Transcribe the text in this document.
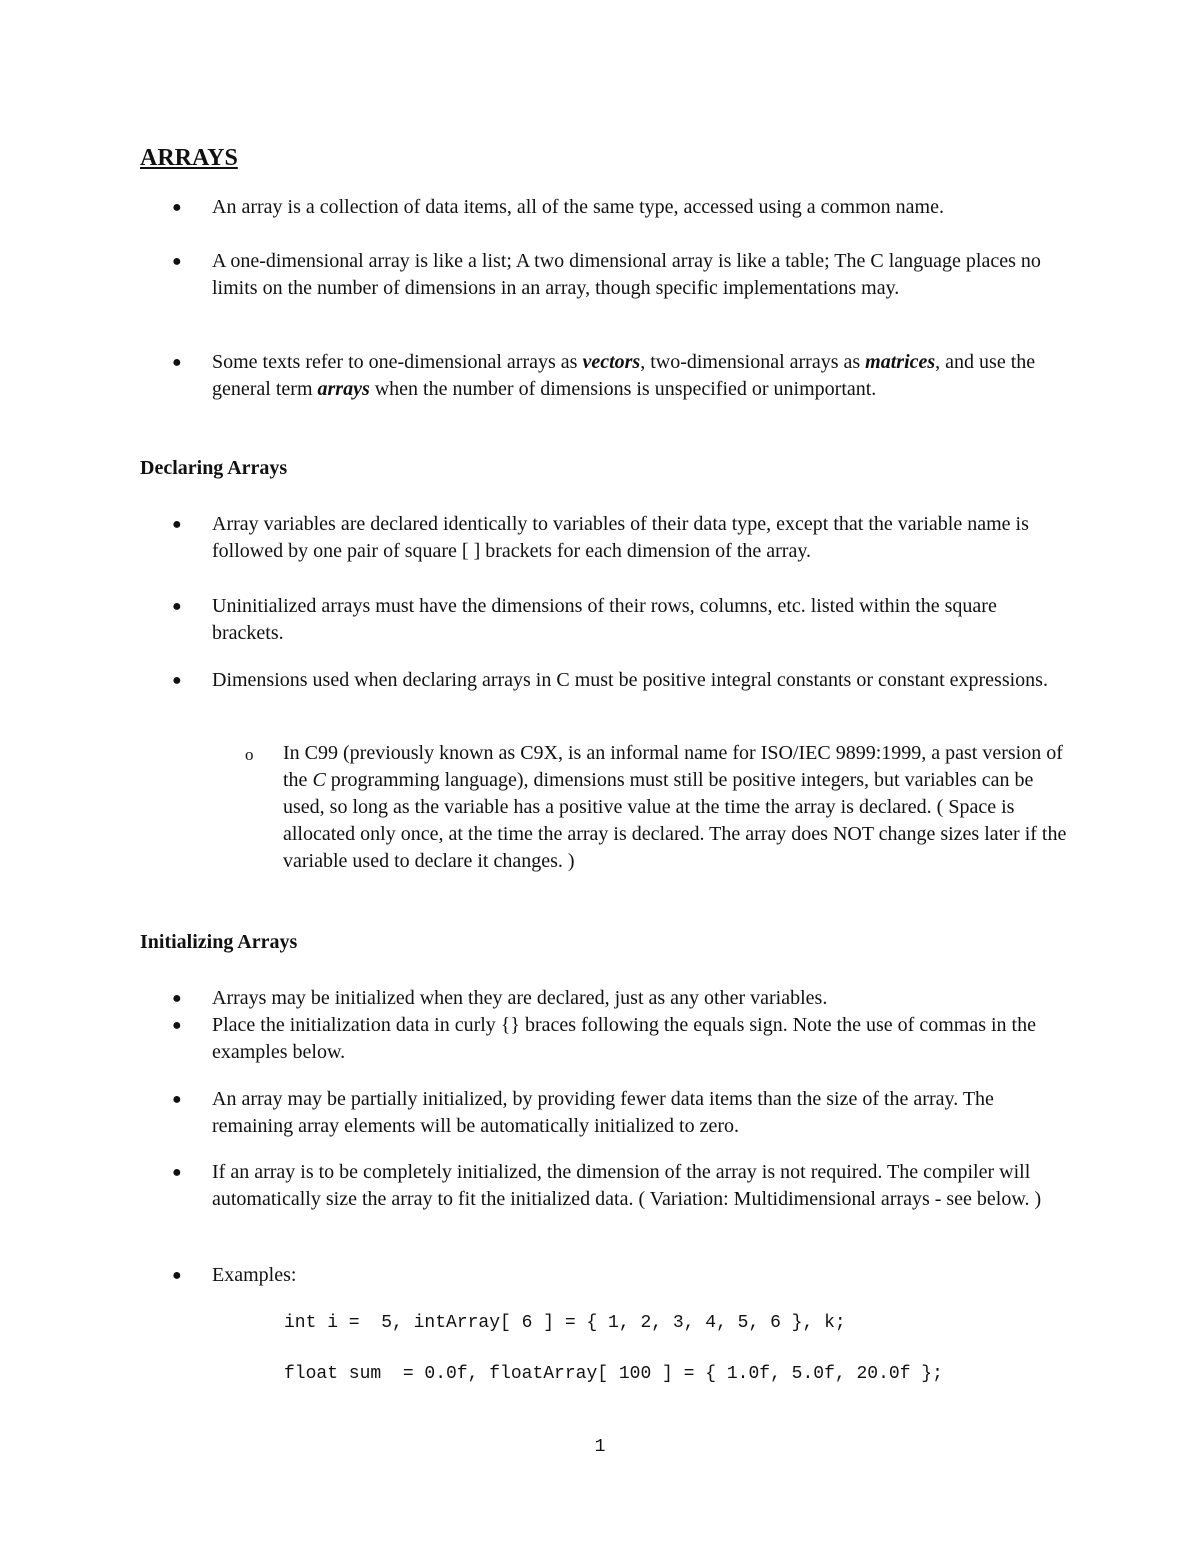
ARRAYS
● An array is a collection of data items, all of the same type, accessed using a common name.
● A one-dimensional array is like a list; A two dimensional array is like a table; The C language places no limits on the number of dimensions in an array, though specific implementations may.
● Some texts refer to one-dimensional arrays as vectors, two-dimensional arrays as matrices, and use the general term arrays when the number of dimensions is unspecified or unimportant.
Declaring Arrays
● Array variables are declared identically to variables of their data type, except that the variable name is followed by one pair of square [ ] brackets for each dimension of the array.
● Uninitialized arrays must have the dimensions of their rows, columns, etc. listed within the square brackets.
● Dimensions used when declaring arrays in C must be positive integral constants or constant expressions.
o In C99 (previously known as C9X, is an informal name for ISO/IEC 9899:1999, a past version of the C programming language), dimensions must still be positive integers, but variables can be used, so long as the variable has a positive value at the time the array is declared. ( Space is allocated only once, at the time the array is declared. The array does NOT change sizes later if the variable used to declare it changes. )
Initializing Arrays
● Arrays may be initialized when they are declared, just as any other variables.
● Place the initialization data in curly {} braces following the equals sign. Note the use of commas in the examples below.
● An array may be partially initialized, by providing fewer data items than the size of the array. The remaining array elements will be automatically initialized to zero.
● If an array is to be completely initialized, the dimension of the array is not required. The compiler will automatically size the array to fit the initialized data. ( Variation: Multidimensional arrays - see below. )
● Examples:
int i =  5, intArray[ 6 ] = { 1, 2, 3, 4, 5, 6 }, k;
float sum  = 0.0f, floatArray[ 100 ] = { 1.0f, 5.0f, 20.0f };
1
